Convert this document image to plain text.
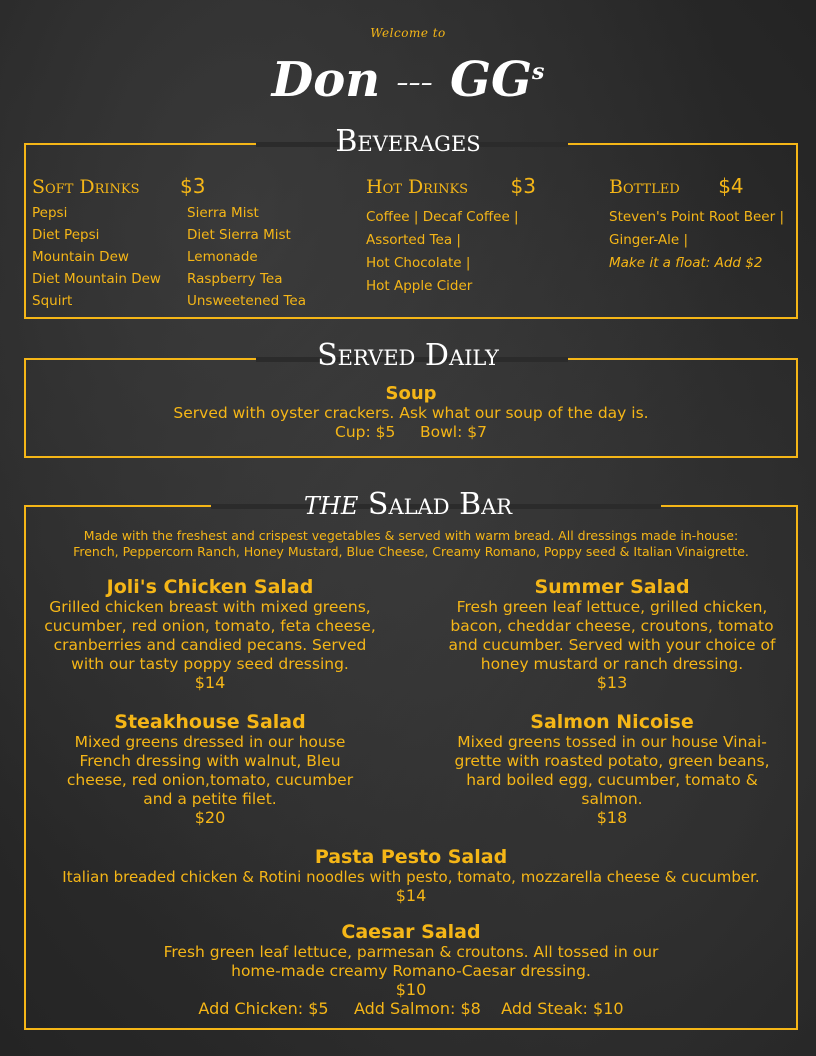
Welcome to
Don ‒‒‒ $GG^s$
Beverages
Soft Drinks $3
Pepsi
Diet Pepsi
Mountain Dew
Diet Mountain Dew
Squirt
Sierra Mist
Diet Sierra Mist
Lemonade
Raspberry Tea
Unsweetened Tea
Hot Drinks $3
Coffee | Decaf Coffee |
Assorted Tea |
Hot Chocolate |
Hot Apple Cider
Bottled $4
Steven's Point Root Beer |
Ginger-Ale |
Make it a float: Add $2
Served Daily
Soup
Served with oyster crackers. Ask what our soup of the day is.
Cup: $5     Bowl: $7
THE Salad Bar
Made with the freshest and crispest vegetables & served with warm bread. All dressings made in-house:
French, Peppercorn Ranch, Honey Mustard, Blue Cheese, Creamy Romano, Poppy seed & Italian Vinaigrette.
Joli's Chicken Salad
Grilled chicken breast with mixed greens,
cucumber, red onion, tomato, feta cheese,
cranberries and candied pecans. Served
with our tasty poppy seed dressing.
$14
Summer Salad
Fresh green leaf lettuce, grilled chicken,
bacon, cheddar cheese, croutons, tomato
and cucumber. Served with your choice of
honey mustard or ranch dressing.
$13
Steakhouse Salad
Mixed greens dressed in our house
French dressing with walnut, Bleu
cheese, red onion,tomato, cucumber
and a petite filet.
$20
Salmon Nicoise
Mixed greens tossed in our house Vinai-
grette with roasted potato, green beans,
hard boiled egg, cucumber, tomato &
salmon.
$18
Pasta Pesto Salad
Italian breaded chicken & Rotini noodles with pesto, tomato, mozzarella cheese & cucumber.
$14
Caesar Salad
Fresh green leaf lettuce, parmesan & croutons. All tossed in our
home-made creamy Romano-Caesar dressing.
$10
Add Chicken: $5     Add Salmon: $8    Add Steak: $10
